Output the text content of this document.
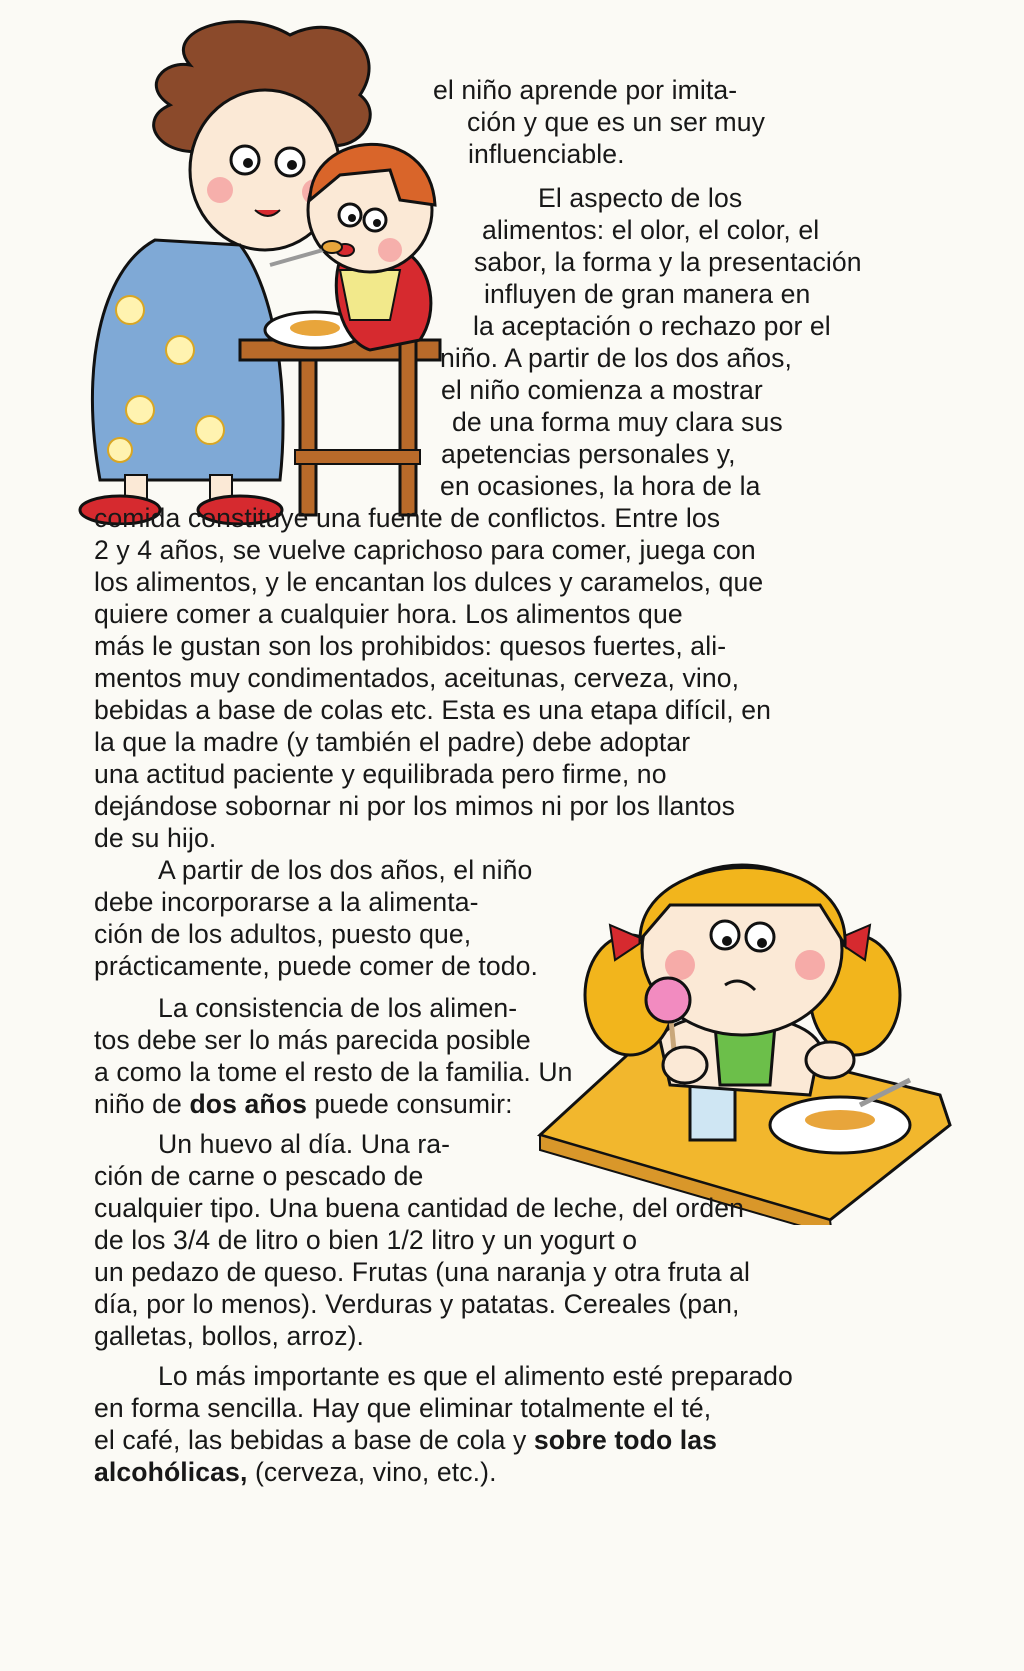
el niño aprende por imita-
ción y que es un ser muy
influenciable.
El aspecto de los
alimentos: el olor, el color, el
sabor, la forma y la presentación
influyen de gran manera en
la aceptación o rechazo por el
niño. A partir de los dos años,
el niño comienza a mostrar
de una forma muy clara sus
apetencias personales y,
en ocasiones, la hora de la
comida constituye una fuente de conflictos. Entre los
2 y 4 años, se vuelve caprichoso para comer, juega con
los alimentos, y le encantan los dulces y caramelos, que
quiere comer a cualquier hora. Los alimentos que
más le gustan son los prohibidos: quesos fuertes, ali-
mentos muy condimentados, aceitunas, cerveza, vino,
bebidas a base de colas etc. Esta es una etapa difícil, en
la que la madre (y también el padre) debe adoptar
una actitud paciente y equilibrada pero firme, no
dejándose sobornar ni por los mimos ni por los llantos
de su hijo.
A partir de los dos años, el niño
debe incorporarse a la alimenta-
ción de los adultos, puesto que,
prácticamente, puede comer de todo.
La consistencia de los alimen-
tos debe ser lo más parecida posible
a como la tome el resto de la familia. Un
niño de dos años puede consumir:
Un huevo al día. Una ra-
ción de carne o pescado de
cualquier tipo. Una buena cantidad de leche, del orden
de los 3/4 de litro o bien 1/2 litro y un yogurt o
un pedazo de queso. Frutas (una naranja y otra fruta al
día, por lo menos). Verduras y patatas. Cereales (pan,
galletas, bollos, arroz).
Lo más importante es que el alimento esté preparado
en forma sencilla. Hay que eliminar totalmente el té,
el café, las bebidas a base de cola y sobre todo las
alcohólicas, (cerveza, vino, etc.).
